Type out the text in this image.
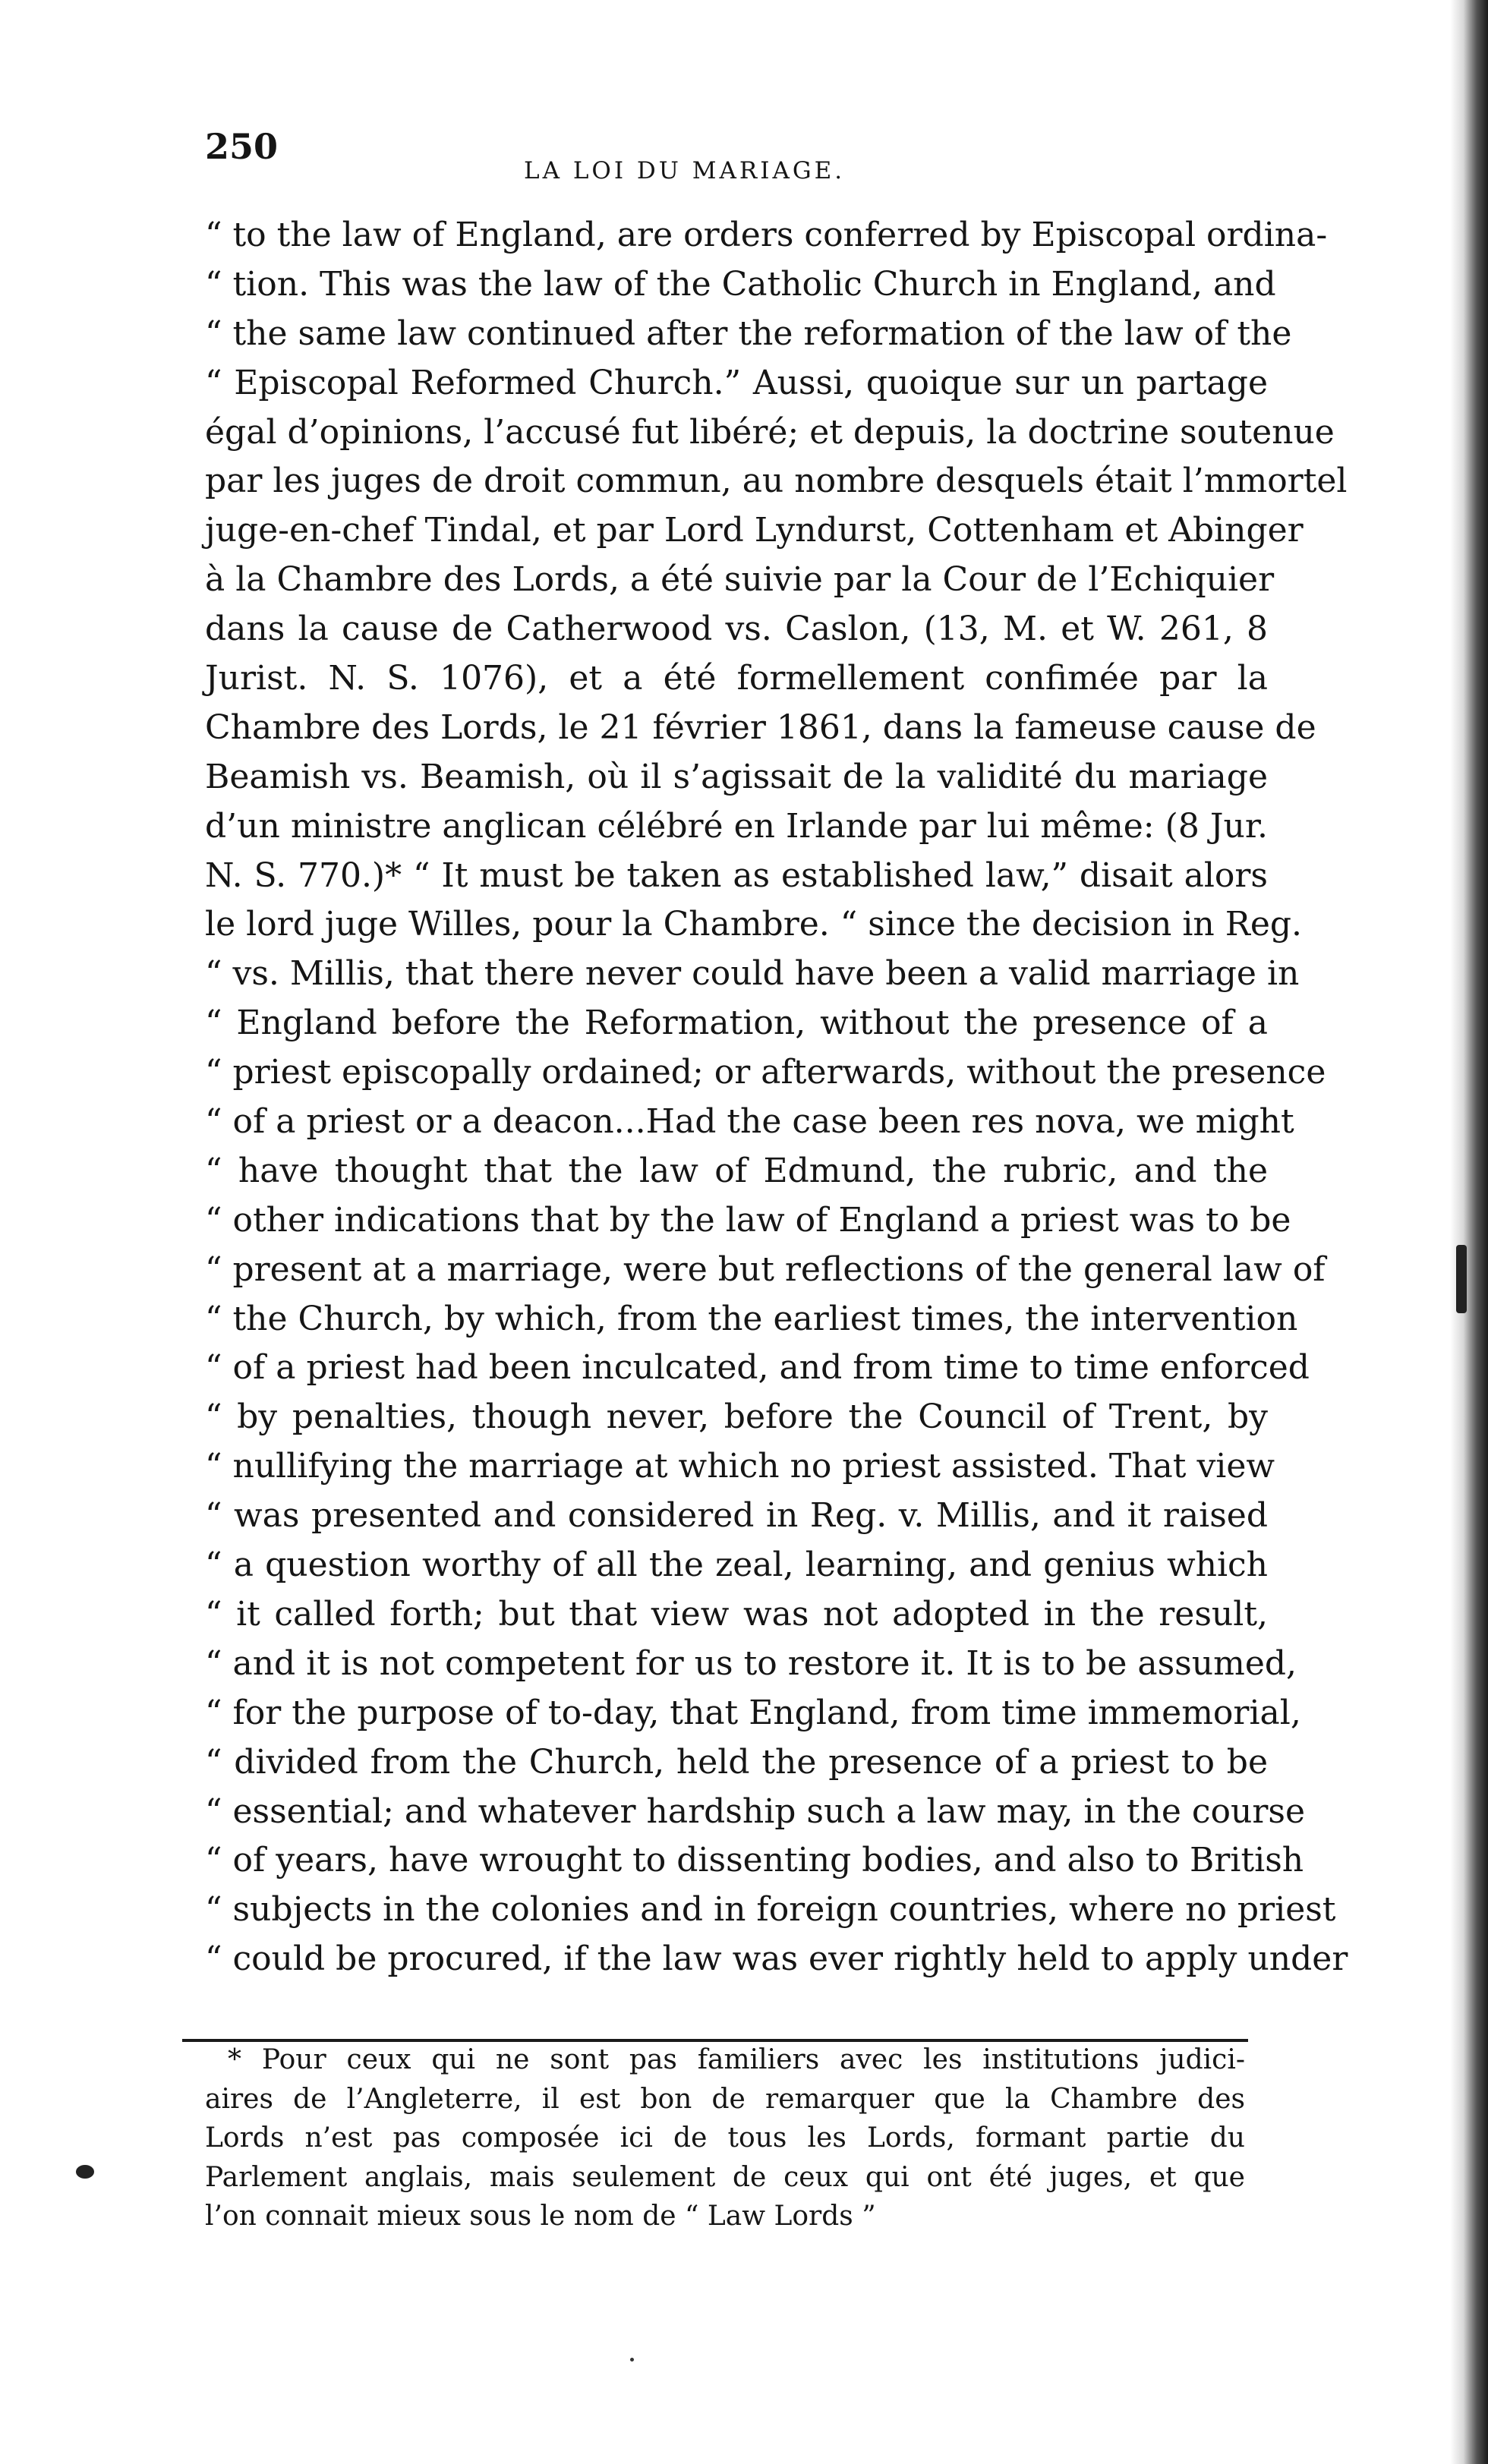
250
LA LOI DU MARIAGE.
“ to the law of England, are orders conferred by Episcopal ordina-
“ tion. This was the law of the Catholic Church in England, and
“ the same law continued after the reformation of the law of the
“ Episcopal Reformed Church.” Aussi, quoique sur un partage
égal d’opinions, l’accusé fut libéré; et depuis, la doctrine soutenue
par les juges de droit commun, au nombre desquels était l’mmortel
juge-en-chef Tindal, et par Lord Lyndurst, Cottenham et Abinger
à la Chambre des Lords, a été suivie par la Cour de l’Echiquier
dans la cause de Catherwood vs. Caslon, (13, M. et W. 261, 8
Jurist. N. S. 1076), et a été formellement confimée par la
Chambre des Lords, le 21 février 1861, dans la fameuse cause de
Beamish vs. Beamish, où il s’agissait de la validité du mariage
d’un ministre anglican célébré en Irlande par lui même: (8 Jur.
N. S. 770.)* “ It must be taken as established law,” disait alors
le lord juge Willes, pour la Chambre. “ since the decision in Reg.
“ vs. Millis, that there never could have been a valid marriage in
“ England before the Reformation, without the presence of a
“ priest episcopally ordained; or afterwards, without the presence
“ of a priest or a deacon...Had the case been res nova, we might
“ have thought that the law of Edmund, the rubric, and the
“ other indications that by the law of England a priest was to be
“ present at a marriage, were but reflections of the general law of
“ the Church, by which, from the earliest times, the intervention
“ of a priest had been inculcated, and from time to time enforced
“ by penalties, though never, before the Council of Trent, by
“ nullifying the marriage at which no priest assisted. That view
“ was presented and considered in Reg. v. Millis, and it raised
“ a question worthy of all the zeal, learning, and genius which
“ it called forth; but that view was not adopted in the result,
“ and it is not competent for us to restore it. It is to be assumed,
“ for the purpose of to-day, that England, from time immemorial,
“ divided from the Church, held the presence of a priest to be
“ essential; and whatever hardship such a law may, in the course
“ of years, have wrought to dissenting bodies, and also to British
“ subjects in the colonies and in foreign countries, where no priest
“ could be procured, if the law was ever rightly held to apply under
* Pour ceux qui ne sont pas familiers avec les institutions judici-
aires de l’Angleterre, il est bon de remarquer que la Chambre des
Lords n’est pas composée ici de tous les Lords, formant partie du
Parlement anglais, mais seulement de ceux qui ont été juges, et que
l’on connait mieux sous le nom de “ Law Lords ”
